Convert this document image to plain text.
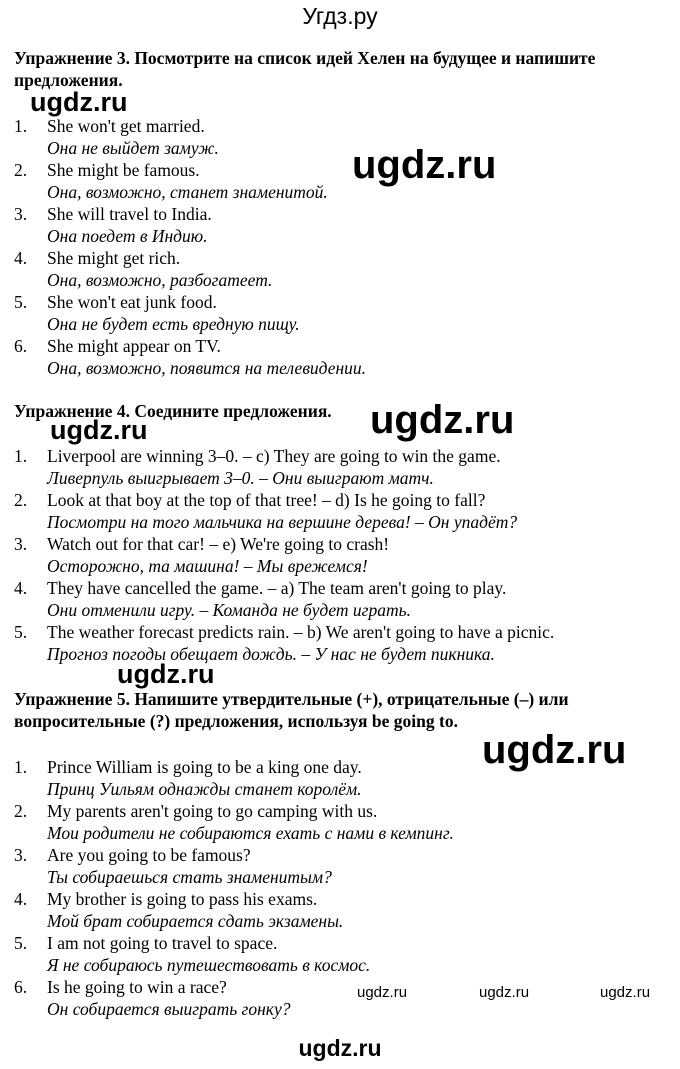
Угдз.ру
Упражнение 3. Посмотрите на список идей Хелен на будущее и напишите предложения.
ugdz.ru
ugdz.ru
1. She won't get married.
Она не выйдет замуж.
2. She might be famous.
Она, возможно, станет знаменитой.
3. She will travel to India.
Она поедет в Индию.
4. She might get rich.
Она, возможно, разбогатеет.
5. She won't eat junk food.
Она не будет есть вредную пищу.
6. She might appear on TV.
Она, возможно, появится на телевидении.
Упражнение 4. Соедините предложения. ugdz.ru
ugdz.ru
1. Liverpool are winning 3–0. – c) They are going to win the game.
Ливерпуль выигрывает 3–0. – Они выиграют матч.
2. Look at that boy at the top of that tree! – d) Is he going to fall?
Посмотри на того мальчика на вершине дерева! – Он упадёт?
3. Watch out for that car! – e) We're going to crash!
Осторожно, та машина! – Мы врежемся!
4. They have cancelled the game. – a) The team aren't going to play.
Они отменили игру. – Команда не будет играть.
5. The weather forecast predicts rain. – b) We aren't going to have a picnic.
Прогноз погоды обещает дождь. – У нас не будет пикника.
ugdz.ru
Упражнение 5. Напишите утвердительные (+), отрицательные (–) или вопросительные (?) предложения, используя be going to.
ugdz.ru
1. Prince William is going to be a king one day.
Принц Уильям однажды станет королём.
2. My parents aren't going to go camping with us.
Мои родители не собираются ехать с нами в кемпинг.
3. Are you going to be famous?
Ты собираешься стать знаменитым?
4. My brother is going to pass his exams.
Мой брат собирается сдать экзамены.
5. I am not going to travel to space.
Я не собираюсь путешествовать в космос.
6. Is he going to win a race?
Он собирается выиграть гонку?
ugdz.ru	ugdz.ru	ugdz.ru
ugdz.ru
